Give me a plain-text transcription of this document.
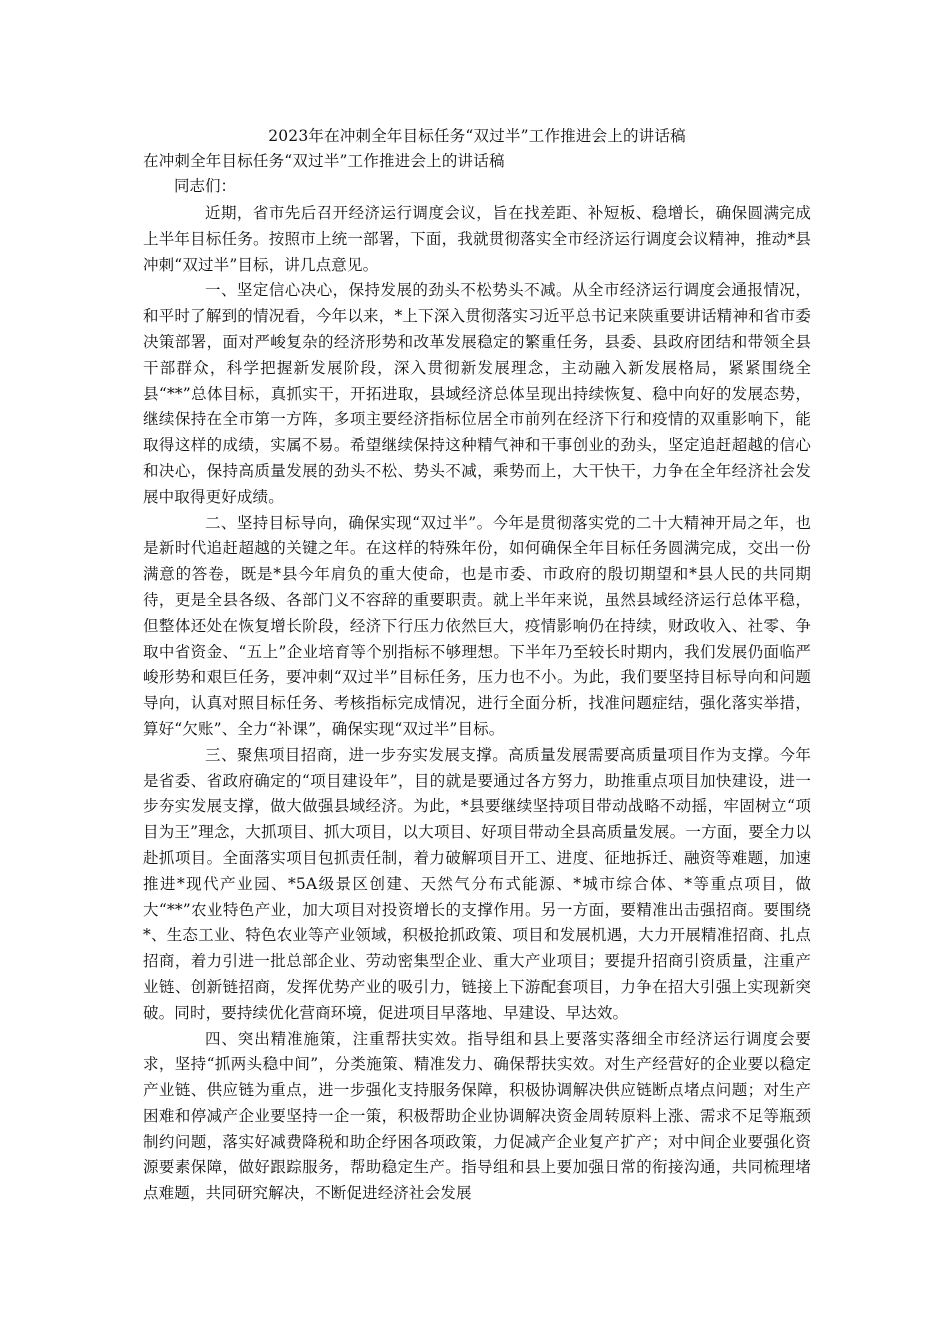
2023年在冲刺全年目标任务“双过半”工作推进会上的讲话稿
在冲刺全年目标任务“双过半”工作推进会上的讲话稿

同志们：

近期，省市先后召开经济运行调度会议，旨在找差距、补短板、稳增长，确保圆满完成上半年目标任务。按照市上统一部署，下面，我就贯彻落实全市经济运行调度会议精神，推动*县冲刺“双过半”目标，讲几点意见。

一、坚定信心决心，保持发展的劲头不松势头不减。从全市经济运行调度会通报情况，和平时了解到的情况看，今年以来，*上下深入贯彻落实习近平总书记来陕重要讲话精神和省市委决策部署，面对严峻复杂的经济形势和改革发展稳定的繁重任务，县委、县政府团结和带领全县干部群众，科学把握新发展阶段，深入贯彻新发展理念，主动融入新发展格局，紧紧围绕全县“**”总体目标，真抓实干，开拓进取，县域经济总体呈现出持续恢复、稳中向好的发展态势，继续保持在全市第一方阵，多项主要经济指标位居全市前列在经济下行和疫情的双重影响下，能取得这样的成绩，实属不易。希望继续保持这种精气神和干事创业的劲头，坚定追赶超越的信心和决心，保持高质量发展的劲头不松、势头不减，乘势而上，大干快干，力争在全年经济社会发展中取得更好成绩。

二、坚持目标导向，确保实现“双过半”。今年是贯彻落实党的二十大精神开局之年，也是新时代追赶超越的关键之年。在这样的特殊年份，如何确保全年目标任务圆满完成，交出一份满意的答卷，既是*县今年肩负的重大使命，也是市委、市政府的殷切期望和*县人民的共同期待，更是全县各级、各部门义不容辞的重要职责。就上半年来说，虽然县域经济运行总体平稳，但整体还处在恢复增长阶段，经济下行压力依然巨大，疫情影响仍在持续，财政收入、社零、争取中省资金、“五上”企业培育等个别指标不够理想。下半年乃至较长时期内，我们发展仍面临严峻形势和艰巨任务，要冲刺“双过半”目标任务，压力也不小。为此，我们要坚持目标导向和问题导向，认真对照目标任务、考核指标完成情况，进行全面分析，找准问题症结，强化落实举措，算好“欠账”、全力“补课”，确保实现“双过半”目标。

三、聚焦项目招商，进一步夯实发展支撑。高质量发展需要高质量项目作为支撑。今年是省委、省政府确定的“项目建设年”，目的就是要通过各方努力，助推重点项目加快建设，进一步夯实发展支撑，做大做强县域经济。为此，*县要继续坚持项目带动战略不动摇，牢固树立“项目为王”理念，大抓项目、抓大项目，以大项目、好项目带动全县高质量发展。一方面，要全力以赴抓项目。全面落实项目包抓责任制，着力破解项目开工、进度、征地拆迁、融资等难题，加速推进*现代产业园、*5A级景区创建、天然气分布式能源、*城市综合体、*等重点项目，做大“**”农业特色产业，加大项目对投资增长的支撑作用。另一方面，要精准出击强招商。要围绕*、生态工业、特色农业等产业领域，积极抢抓政策、项目和发展机遇，大力开展精准招商、扎点招商，着力引进一批总部企业、劳动密集型企业、重大产业项目；要提升招商引资质量，注重产业链、创新链招商，发挥优势产业的吸引力，链接上下游配套项目，力争在招大引强上实现新突破。同时，要持续优化营商环境，促进项目早落地、早建设、早达效。

四、突出精准施策，注重帮扶实效。指导组和县上要落实落细全市经济运行调度会要求，坚持“抓两头稳中间”，分类施策、精准发力、确保帮扶实效。对生产经营好的企业要以稳定产业链、供应链为重点，进一步强化支持服务保障，积极协调解决供应链断点堵点问题；对生产困难和停减产企业要坚持一企一策，积极帮助企业协调解决资金周转原料上涨、需求不足等瓶颈制约问题，落实好减费降税和助企纾困各项政策，力促减产企业复产扩产；对中间企业要强化资源要素保障，做好跟踪服务，帮助稳定生产。指导组和县上要加强日常的衔接沟通，共同梳理堵点难题，共同研究解决，不断促进经济社会发展
